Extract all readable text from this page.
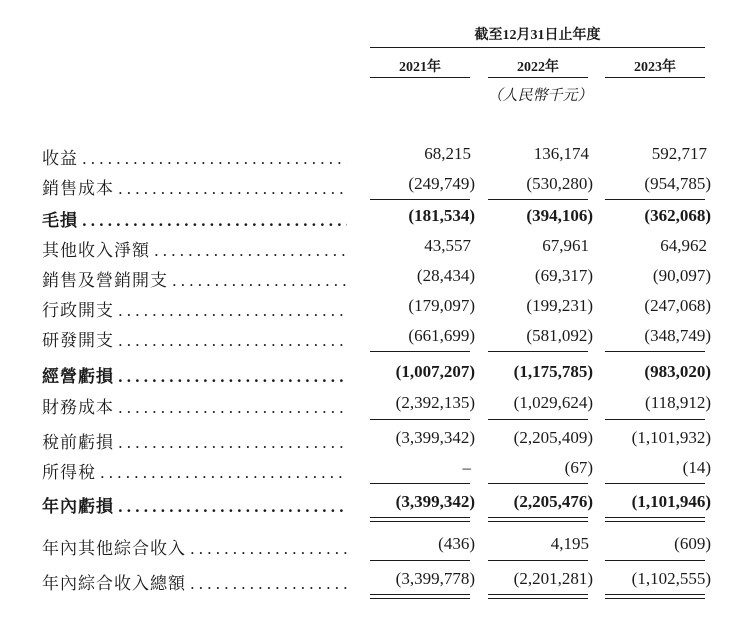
截至12月31日止年度
2021年	2022年	2023年
（人民幣千元）
收益 . . .	68,215	136,174	592,717
銷售成本 . . .	(249,749)	(530,280)	(954,785)
毛損 . . .	(181,534)	(394,106)	(362,068)
其他收入淨額 . . .	43,557	67,961	64,962
銷售及營銷開支 . . .	(28,434)	(69,317)	(90,097)
行政開支 . . .	(179,097)	(199,231)	(247,068)
研發開支 . . .	(661,699)	(581,092)	(348,749)
經營虧損 . . .	(1,007,207) (1,175,785)	(983,020)
財務成本 . . .	(2,392,135) (1,029,624)	(118,912)
稅前虧損 . . .	(3,399,342) (2,205,409) (1,101,932)
所得稅 . . .	–	(67)	(14)
年內虧損 . . .	(3,399,342) (2,205,476) (1,101,946)
年內其他綜合收入 . . .	(436)	4,195	(609)
年內綜合收入總額 . . .	(3,399,778) (2,201,281) (1,102,555)
